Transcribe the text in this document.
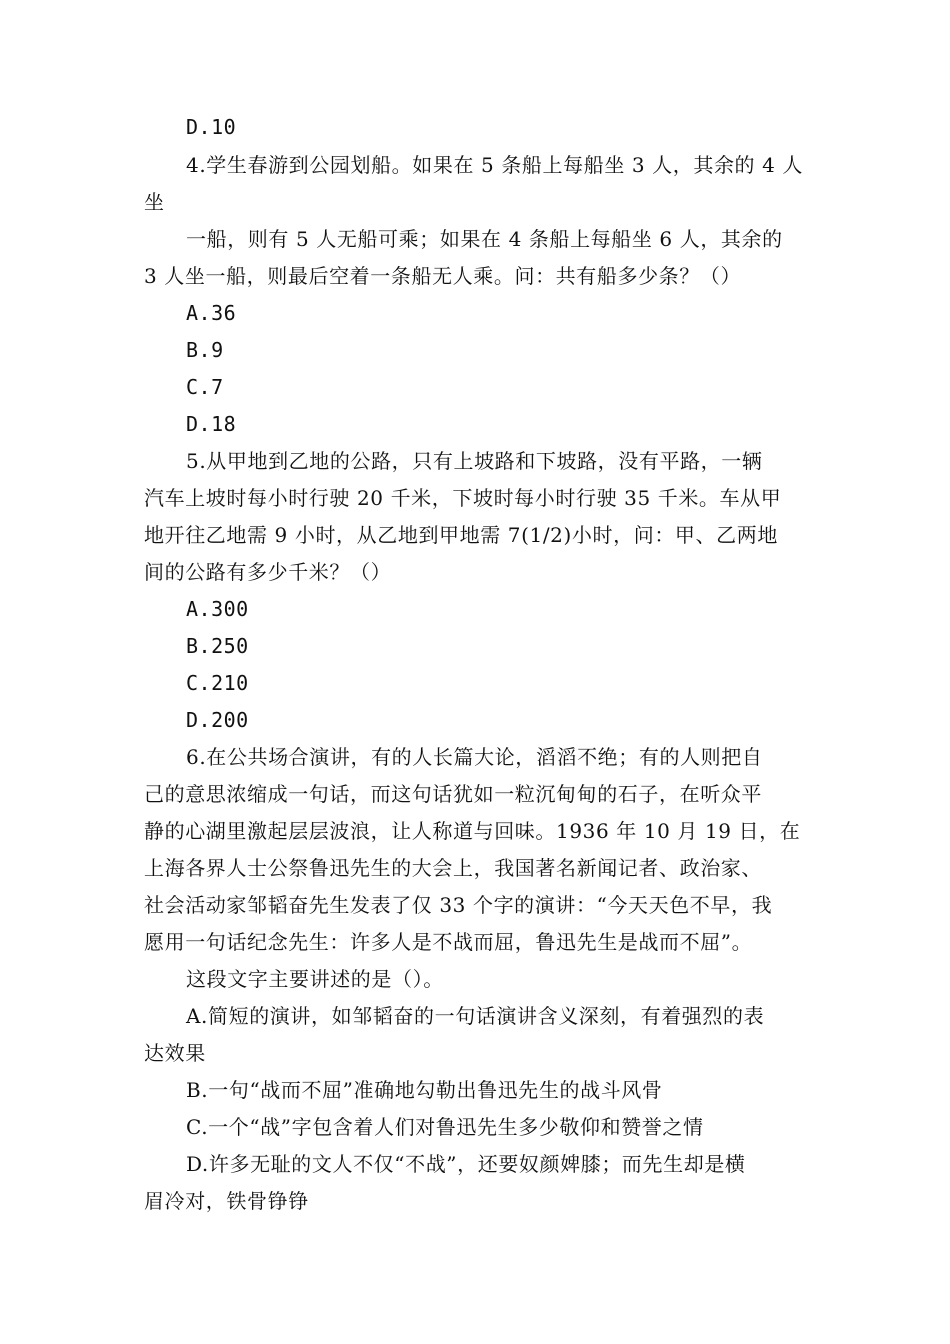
D.10
4.学生春游到公园划船。如果在 5 条船上每船坐 3 人，其余的 4 人
坐
一船，则有 5 人无船可乘；如果在 4 条船上每船坐 6 人，其余的
3 人坐一船，则最后空着一条船无人乘。问：共有船多少条？（）
A.36
B.9
C.7
D.18
5.从甲地到乙地的公路，只有上坡路和下坡路，没有平路，一辆
汽车上坡时每小时行驶 20 千米，下坡时每小时行驶 35 千米。车从甲
地开往乙地需 9 小时，从乙地到甲地需 7(1/2)小时，问：甲、乙两地
间的公路有多少千米？（）
A.300
B.250
C.210
D.200
6.在公共场合演讲，有的人长篇大论，滔滔不绝；有的人则把自
己的意思浓缩成一句话，而这句话犹如一粒沉甸甸的石子，在听众平
静的心湖里激起层层波浪，让人称道与回味。1936 年 10 月 19 日，在
上海各界人士公祭鲁迅先生的大会上，我国著名新闻记者、政治家、
社会活动家邹韬奋先生发表了仅 33 个字的演讲：“今天天色不早，我
愿用一句话纪念先生：许多人是不战而屈，鲁迅先生是战而不屈”。
这段文字主要讲述的是（）。
A.简短的演讲，如邹韬奋的一句话演讲含义深刻，有着强烈的表
达效果
B.一句“战而不屈”准确地勾勒出鲁迅先生的战斗风骨
C.一个“战”字包含着人们对鲁迅先生多少敬仰和赞誉之情
D.许多无耻的文人不仅“不战”，还要奴颜婢膝；而先生却是横
眉冷对，铁骨铮铮
